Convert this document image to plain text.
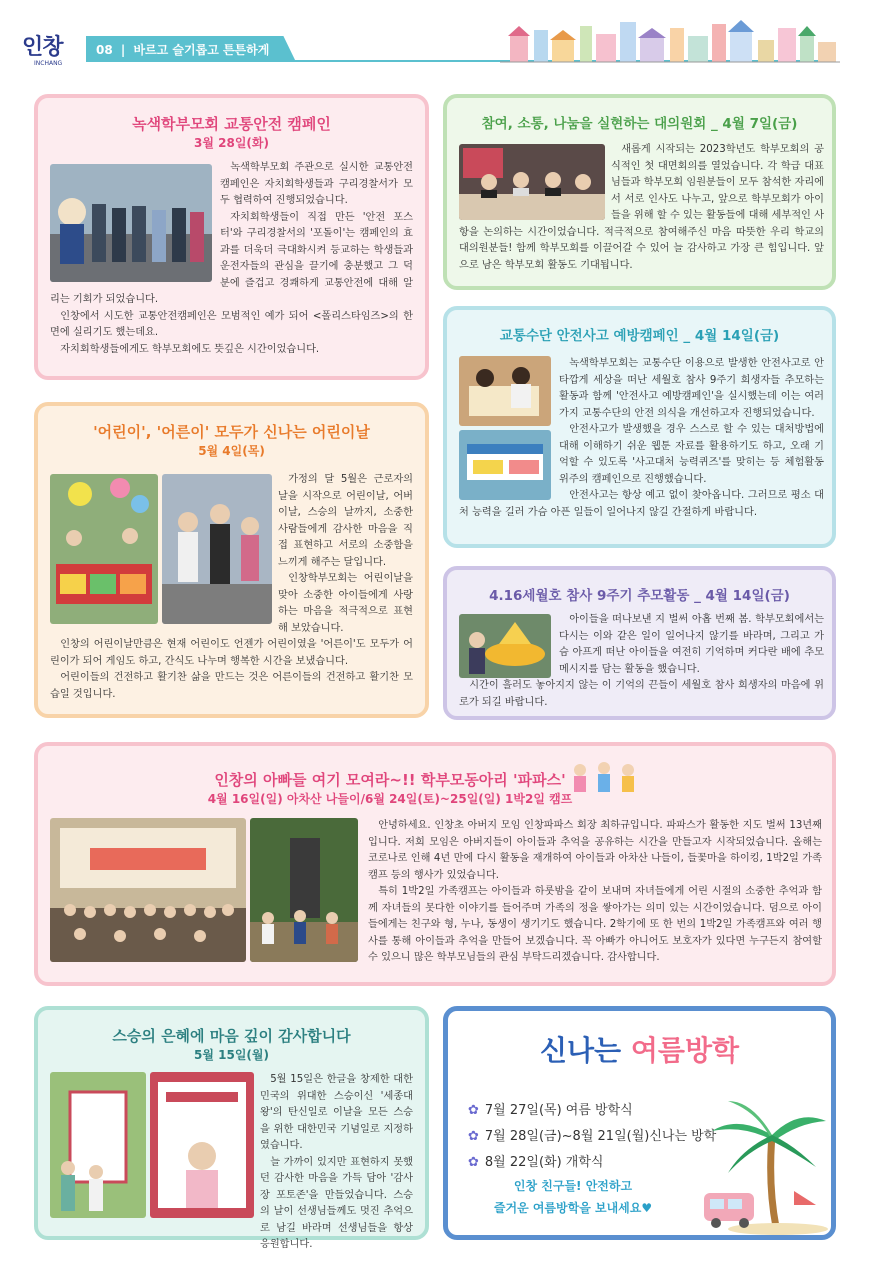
인창
INCHANG
08 | 바르고 슬기롭고 튼튼하게
녹색학부모회 교통안전 캠페인
3월 28일(화)

녹색학부모회 주관으로 실시한 교통안전 캠페인은 자치회학생들과 구리경찰서가 모두 협력하여 진행되었습니다.

자치회학생들이 직접 만든 '안전 포스터'와 구리경찰서의 '포돌이'는 캠페인의 효과를 더욱더 극대화시켜 등교하는 학생들과 운전자들의 관심을 끌기에 충분했고 그 덕분에 즐겁고 경쾌하게 교통안전에 대해 알리는 기회가 되었습니다.

인창에서 시도한 교통안전캠페인은 모범적인 예가 되어 <폴리스타임즈>의 한 면에 실리기도 했는데요.

자치회학생들에게도 학부모회에도 뜻깊은 시간이었습니다.

참여, 소통, 나눔을 실현하는 대의원회 _ 4월 7일(금)

새롭게 시작되는 2023학년도 학부모회의 공식적인 첫 대면회의를 열었습니다. 각 학급 대표님들과 학부모회 임원분들이 모두 참석한 자리에서 서로 인사도 나누고, 앞으로 학부모회가 아이들을 위해 할 수 있는 활동들에 대해 세부적인 사항을 논의하는 시간이었습니다. 적극적으로 참여해주신 마음 따뜻한 우리 학교의 대의원분들! 함께 학부모회를 이끌어갈 수 있어 늘 감사하고 가장 큰 힘입니다. 앞으로 남은 학부모회 활동도 기대됩니다.

교통수단 안전사고 예방캠페인 _ 4월 14일(금)

녹색학부모회는 교통수단 이용으로 발생한 안전사고로 안타깝게 세상을 떠난 세월호 참사 9주기 희생자들 추모하는 활동과 함께 '안전사고 예방캠페인'을 실시했는데 이는 여러가지 교통수단의 안전 의식을 개선하고자 진행되었습니다.

안전사고가 발생했을 경우 스스로 할 수 있는 대처방법에 대해 이해하기 쉬운 웹툰 자료를 활용하기도 하고, 오래 기억할 수 있도록 '사고대처 능력퀴즈'를 맞히는 등 체험활동 위주의 캠페인으로 진행했습니다.

안전사고는 항상 예고 없이 찾아옵니다. 그러므로 평소 대처 능력을 길러 가슴 아픈 일들이 일어나지 않길 간절하게 바랍니다.

'어린이', '어른이' 모두가 신나는 어린이날
5월 4일(목)

가정의 달 5월은 근로자의 날을 시작으로 어린이날, 어버이날, 스승의 날까지, 소중한 사람들에게 감사한 마음을 직접 표현하고 서로의 소중함을 느끼게 해주는 달입니다.

인창학부모회는 어린이날을 맞아 소중한 아이들에게 사랑하는 마음을 적극적으로 표현해 보았습니다.

인창의 어린이날만큼은 현재 어린이도 언젠가 어린이였을 '어른이'도 모두가 어린이가 되어 게임도 하고, 간식도 나누며 행복한 시간을 보냈습니다.

어린이들의 건전하고 활기찬 삶을 만드는 것은 어른이들의 건전하고 활기찬 모습일 것입니다.

4.16세월호 참사 9주기 추모활동 _ 4월 14일(금)

아이들을 떠나보낸 지 벌써 아홉 번째 봄. 학부모회에서는 다시는 이와 같은 일이 일어나지 않기를 바라며, 그리고 가슴 아프게 떠난 아이들을 여전히 기억하며 커다란 배에 추모 메시지를 담는 활동을 했습니다.

시간이 흘러도 놓아지지 않는 이 기억의 끈들이 세월호 참사 희생자의 마음에 위로가 되길 바랍니다.

인창의 아빠들 여기 모여라~!! 학부모동아리 '파파스'
4월 16일(일) 아차산 나들이/6월 24일(토)~25일(일) 1박2일 캠프

안녕하세요. 인창초 아버지 모임 인창파파스 회장 최하규입니다. 파파스가 활동한 지도 벌써 13년째입니다. 저희 모임은 아버지들이 아이들과 추억을 공유하는 시간을 만들고자 시작되었습니다. 올해는 코로나로 인해 4년 만에 다시 활동을 재개하여 아이들과 아차산 나들이, 들꽃마을 하이킹, 1박2일 가족캠프 등의 행사가 있었습니다.

특히 1박2일 가족캠프는 아이들과 하룻밤을 같이 보내며 자녀들에게 어린 시절의 소중한 추억과 함께 자녀들의 못다한 이야기를 들어주며 가족의 정을 쌓아가는 의미 있는 시간이었습니다. 덤으로 아이들에게는 친구와 형, 누나, 동생이 생기기도 했습니다. 2학기에 또 한 번의 1박2일 가족캠프와 여러 행사를 통해 아이들과 추억을 만들어 보겠습니다. 꼭 아빠가 아니어도 보호자가 있다면 누구든지 참여할 수 있으니 많은 학부모님들의 관심 부탁드리겠습니다. 감사합니다.

스승의 은혜에 마음 깊이 감사합니다
5월 15일(월)

5월 15일은 한글을 창제한 대한민국의 위대한 스승이신 '세종대왕'의 탄신일로 이날을 모든 스승을 위한 대한민국 기념일로 지정하였습니다.

늘 가까이 있지만 표현하지 못했던 감사한 마음을 가득 담아 '감사장 포토존'을 만들었습니다. 스승의 날이 선생님들께도 멋진 추억으로 남길 바라며 선생님들을 항상 응원합니다.

신나는 여름방학
✿ 7월 27일(목) 여름 방학식
✿ 7월 28일(금)~8월 21일(월)신나는 방학
✿ 8월 22일(화) 개학식
인창 친구들! 안전하고
즐거운 여름방학을 보내세요♥
